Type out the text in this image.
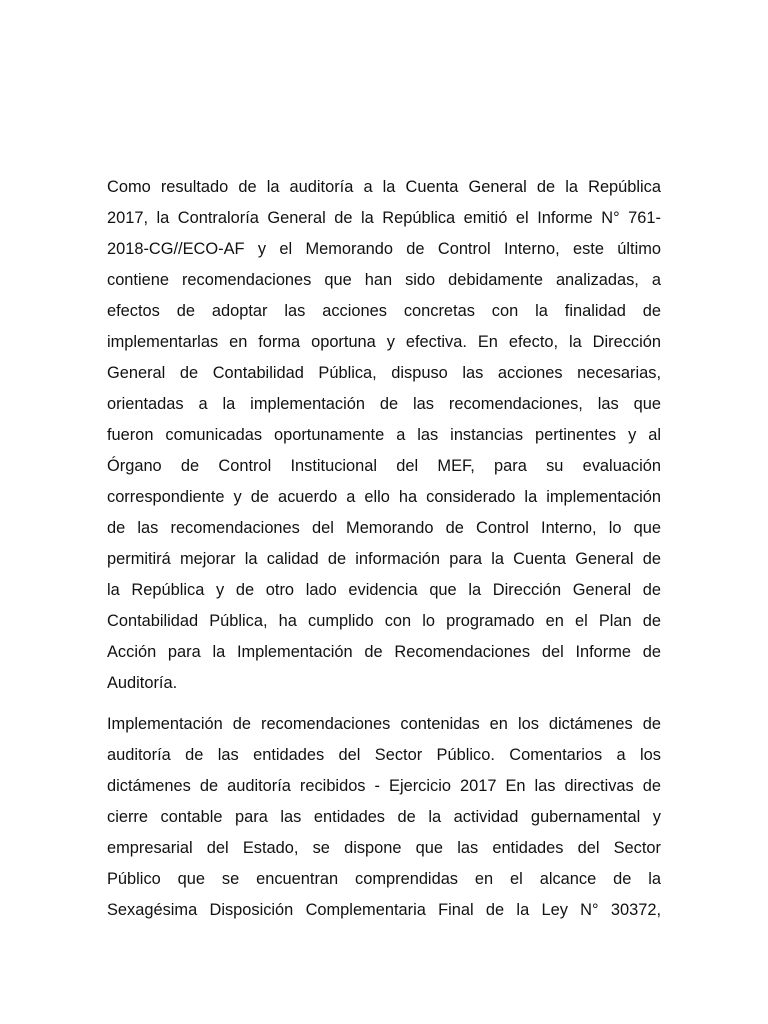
Como resultado de la auditoría a la Cuenta General de la República
2017, la Contraloría General de la República emitió el Informe N° 761-
2018-CG//ECO-AF y el Memorando de Control Interno, este último
contiene recomendaciones que han sido debidamente analizadas, a
efectos de adoptar las acciones concretas con la finalidad de
implementarlas en forma oportuna y efectiva. En efecto, la Dirección
General de Contabilidad Pública, dispuso las acciones necesarias,
orientadas a la implementación de las recomendaciones, las que
fueron comunicadas oportunamente a las instancias pertinentes y al
Órgano de Control Institucional del MEF, para su evaluación
correspondiente y de acuerdo a ello ha considerado la implementación
de las recomendaciones del Memorando de Control Interno, lo que
permitirá mejorar la calidad de información para la Cuenta General de
la República y de otro lado evidencia que la Dirección General de
Contabilidad Pública, ha cumplido con lo programado en el Plan de
Acción para la Implementación de Recomendaciones del Informe de
Auditoría.
Implementación de recomendaciones contenidas en los dictámenes de
auditoría de las entidades del Sector Público. Comentarios a los
dictámenes de auditoría recibidos - Ejercicio 2017 En las directivas de
cierre contable para las entidades de la actividad gubernamental y
empresarial del Estado, se dispone que las entidades del Sector
Público que se encuentran comprendidas en el alcance de la
Sexagésima Disposición Complementaria Final de la Ley N° 30372,
